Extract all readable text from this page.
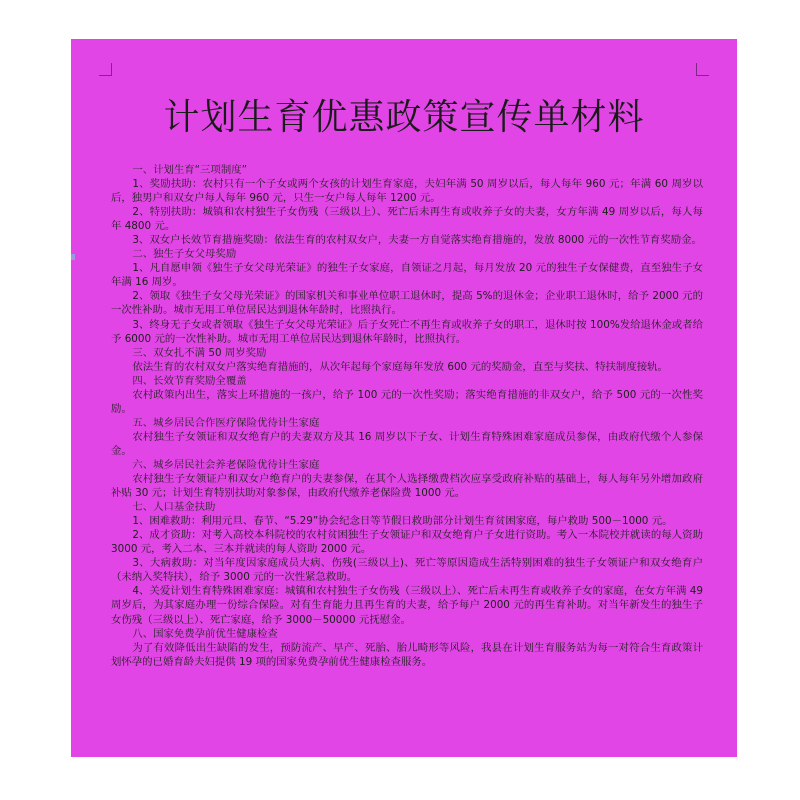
计划生育优惠政策宣传单材料

一、计划生育“三项制度”

1、奖励扶助：农村只有一个子女或两个女孩的计划生育家庭，夫妇年满 50 周岁以后，每人每年 960 元；年满 60 周岁以后，独男户和双女户每人每年 960 元，只生一女户每人每年 1200 元。

2、特别扶助：城镇和农村独生子女伤残（三级以上）、死亡后未再生育或收养子女的夫妻，女方年满 49 周岁以后，每人每年 4800 元。

3、双女户长效节育措施奖励：依法生育的农村双女户，夫妻一方自觉落实绝育措施的，发放 8000 元的一次性节育奖励金。

二、独生子女父母奖励

1、凡自愿申领《独生子女父母光荣证》的独生子女家庭，自领证之月起，每月发放 20 元的独生子女保健费，直至独生子女年满 16 周岁。

2、领取《独生子女父母光荣证》的国家机关和事业单位职工退休时，提高 5%的退休金；企业职工退休时，给予 2000 元的一次性补助。城市无用工单位居民达到退休年龄时，比照执行。

3、终身无子女或者领取《独生子女父母光荣证》后子女死亡不再生育或收养子女的职工，退休时按 100%发给退休金或者给予 6000 元的一次性补助。城市无用工单位居民达到退休年龄时，比照执行。

三、双女扎不满 50 周岁奖励

依法生育的农村双女户落实绝育措施的，从次年起每个家庭每年发放 600 元的奖励金，直至与奖扶、特扶制度接轨。

四、长效节育奖励全覆盖

农村政策内出生，落实上环措施的一孩户，给予 100 元的一次性奖励；落实绝育措施的非双女户，给予 500 元的一次性奖励。

五、城乡居民合作医疗保险优待计生家庭

农村独生子女领证和双女绝育户的夫妻双方及其 16 周岁以下子女、计划生育特殊困难家庭成员参保，由政府代缴个人参保金。

六、城乡居民社会养老保险优待计生家庭

农村独生子女领证户和双女户绝育户的夫妻参保，在其个人选择缴费档次应享受政府补贴的基础上，每人每年另外增加政府补贴 30 元；计划生育特别扶助对象参保，由政府代缴养老保险费 1000 元。

七、人口基金扶助

1、困难救助：利用元旦、春节、“5.29”协会纪念日等节假日救助部分计划生育贫困家庭，每户救助 500－1000 元。

2、成才资助：对考入高校本科院校的农村贫困独生子女领证户和双女绝育户子女进行资助。考入一本院校并就读的每人资助 3000 元，考入二本、三本并就读的每人资助 2000 元。

3、大病救助：对当年度因家庭成员大病、伤残(三级以上)、死亡等原因造成生活特别困难的独生子女领证户和双女绝育户（未纳入奖特扶），给予 3000 元的一次性紧急救助。

4、关爱计划生育特殊困难家庭：城镇和农村独生子女伤残（三级以上）、死亡后未再生育或收养子女的家庭，在女方年满 49 周岁后，为其家庭办理一份综合保险。对有生育能力且再生育的夫妻，给予每户 2000 元的再生育补助。对当年新发生的独生子女伤残（三级以上）、死亡家庭，给予 3000－50000 元抚慰金。

八、国家免费孕前优生健康检查

为了有效降低出生缺陷的发生，预防流产、早产、死胎、胎儿畸形等风险，我县在计划生育服务站为每一对符合生育政策计划怀孕的已婚育龄夫妇提供 19 项的国家免费孕前优生健康检查服务。
